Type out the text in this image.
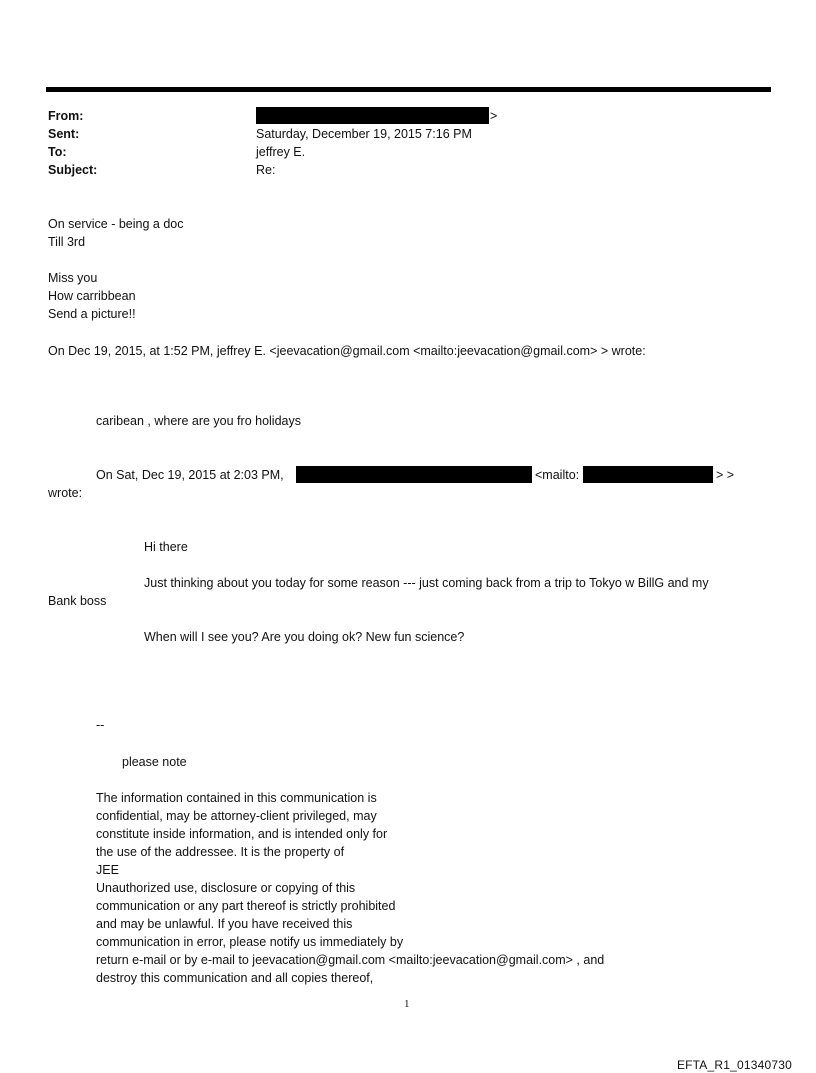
From:
Sent:
To:
Subject:
>
Saturday, December 19, 2015 7:16 PM
jeffrey E.
Re:
On service - being a doc
Till 3rd
Miss you
How carribbean
Send a picture!!
On Dec 19, 2015, at 1:52 PM, jeffrey E. <jeevacation@gmail.com <mailto:jeevacation@gmail.com> > wrote:
caribean , where are you fro holidays
On Sat, Dec 19, 2015 at 2:03 PM,	<mailto:	> >
wrote:
Hi there
Just thinking about you today for some reason --- just coming back from a trip to Tokyo w BillG and my
Bank boss
When will I see you? Are you doing ok? New fun science?
--
please note
The information contained in this communication is
confidential, may be attorney-client privileged, may
constitute inside information, and is intended only for
the use of the addressee. It is the property of
JEE
Unauthorized use, disclosure or copying of this
communication or any part thereof is strictly prohibited
and may be unlawful. If you have received this
communication in error, please notify us immediately by
return e-mail or by e-mail to jeevacation@gmail.com <mailto:jeevacation@gmail.com> , and
destroy this communication and all copies thereof,
1
EFTA_R1_01340730
